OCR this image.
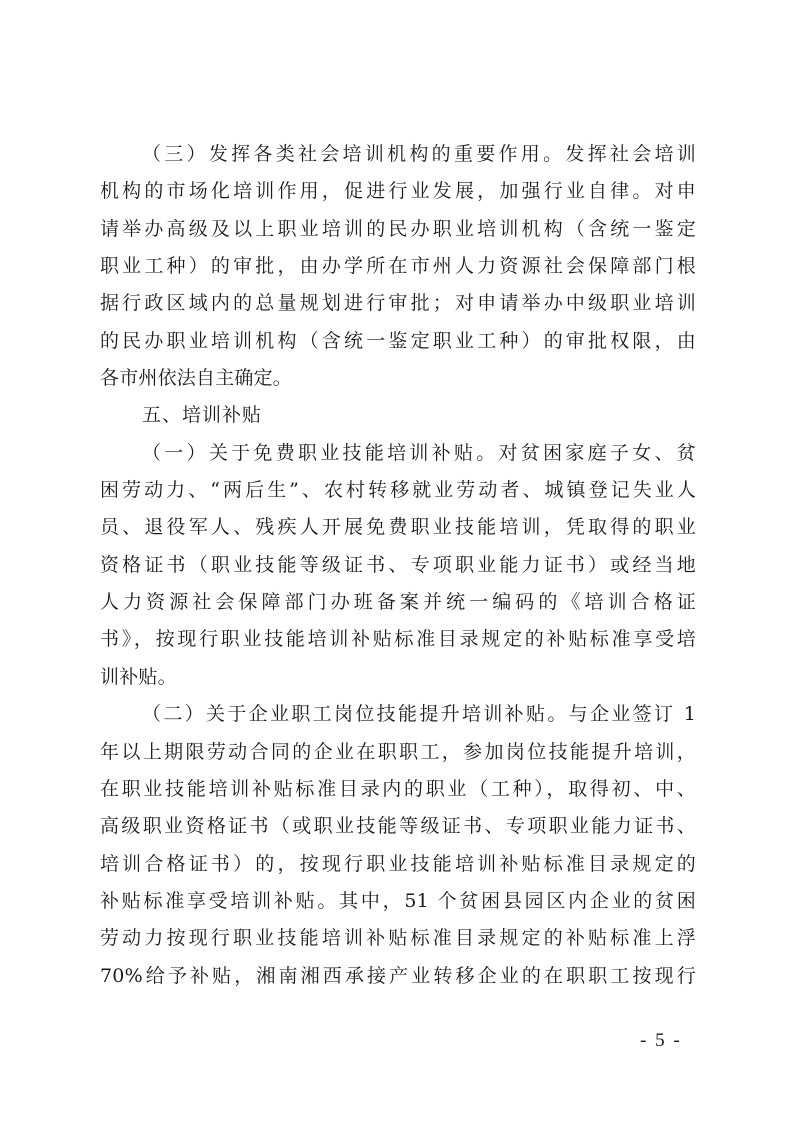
（三）发挥各类社会培训机构的重要作用。发挥社会培训
机构的市场化培训作用，促进行业发展，加强行业自律。对申
请举办高级及以上职业培训的民办职业培训机构（含统一鉴定
职业工种）的审批，由办学所在市州人力资源社会保障部门根
据行政区域内的总量规划进行审批；对申请举办中级职业培训
的民办职业培训机构（含统一鉴定职业工种）的审批权限，由
各市州依法自主确定。
五、培训补贴
（一）关于免费职业技能培训补贴。对贫困家庭子女、贫
困劳动力、“两后生”、农村转移就业劳动者、城镇登记失业人
员、退役军人、残疾人开展免费职业技能培训，凭取得的职业
资格证书（职业技能等级证书、专项职业能力证书）或经当地
人力资源社会保障部门办班备案并统一编码的《培训合格证
书》，按现行职业技能培训补贴标准目录规定的补贴标准享受培
训补贴。
（二）关于企业职工岗位技能提升培训补贴。与企业签订 1
年以上期限劳动合同的企业在职职工，参加岗位技能提升培训，
在职业技能培训补贴标准目录内的职业（工种），取得初、中、
高级职业资格证书（或职业技能等级证书、专项职业能力证书、
培训合格证书）的，按现行职业技能培训补贴标准目录规定的
补贴标准享受培训补贴。其中，51 个贫困县园区内企业的贫困
劳动力按现行职业技能培训补贴标准目录规定的补贴标准上浮
70%给予补贴，湘南湘西承接产业转移企业的在职职工按现行
- 5 -
